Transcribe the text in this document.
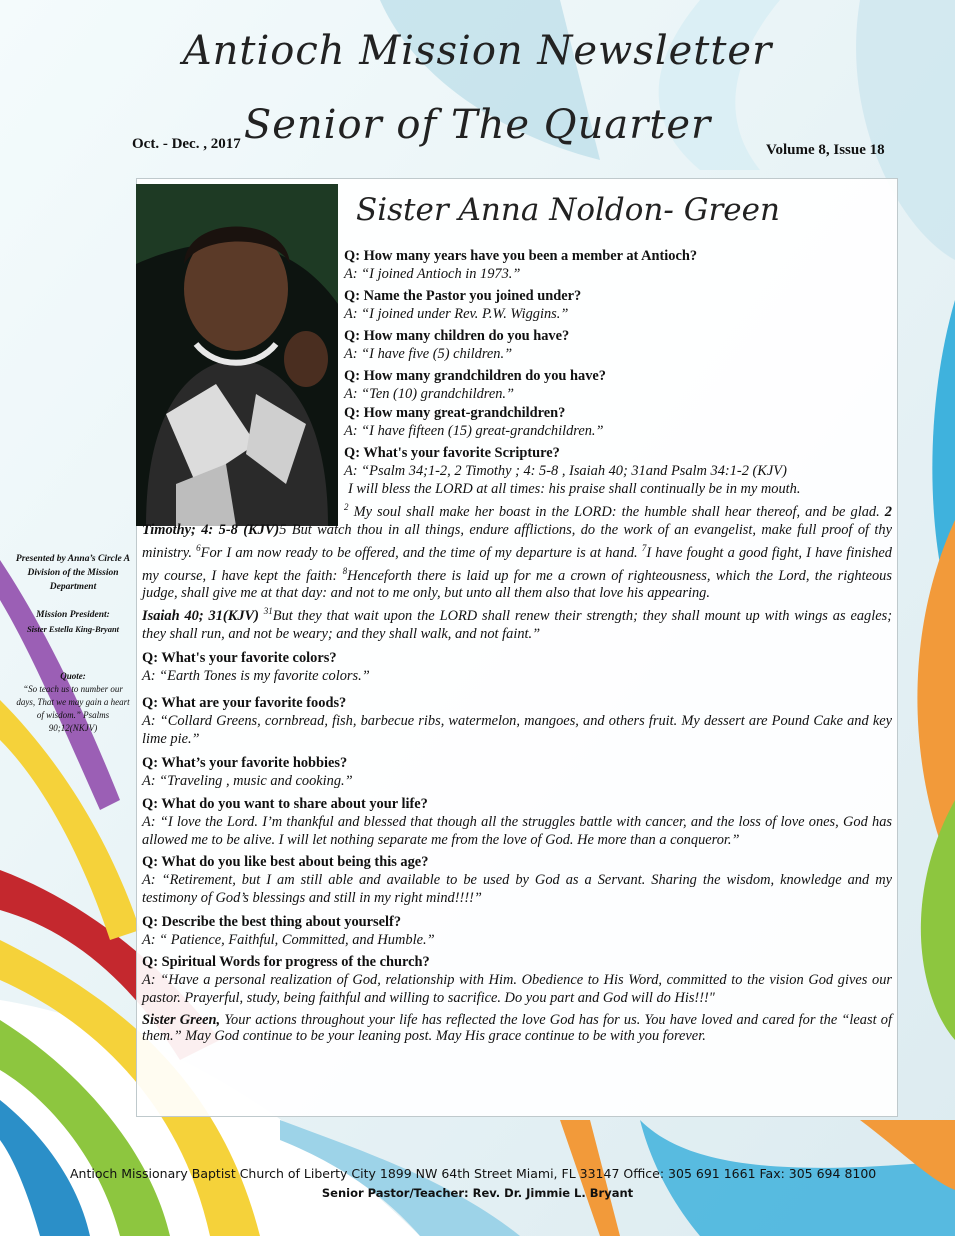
Antioch Mission Newsletter
Senior of The Quarter
Oct. - Dec. , 2017	Volume 8, Issue 18
Presented by Anna’s Circle A Division of the Mission Department
Mission President:
Sister Estella King-Bryant
Quote:
“So teach us to number our days, That we may gain a heart of wisdom.” Psalms 90;12(NKJV)
Sister Anna Noldon- Green
Q: How many years have you been a member at Antioch?
A: “I joined Antioch in 1973.”
Q: Name the Pastor you joined under?
A: “I joined under Rev. P.W. Wiggins.”
Q: How many children do you have?
A: “I have five (5) children.”
Q: How many grandchildren do you have?
A: “Ten (10) grandchildren.”
Q: How many great-grandchildren?
A: “I have fifteen (15) great-grandchildren.”
Q: What's your favorite Scripture?
A: “Psalm 34;1-2, 2 Timothy ; 4: 5-8 , Isaiah 40; 31and Psalm 34:1-2 (KJV)
I will bless the LORD at all times: his praise shall continually be in my mouth.
$^2$ My soul shall make her boast in the LORD: the humble shall hear thereof, and be glad. 2 Timothy; 4: 5-8 (KJV)5 But watch thou in all things, endure afflictions, do the work of an evangelist, make full proof of thy ministry. $^6$For I am now ready to be offered, and the time of my departure is at hand. $^7$I have fought a good fight, I have finished my course, I have kept the faith: $^8$Henceforth there is laid up for me a crown of righteousness, which the Lord, the righteous judge, shall give me at that day: and not to me only, but unto all them also that love his appearing.
Isaiah 40; 31(KJV) $^{31}$But they that wait upon the LORD shall renew their strength; they shall mount up with wings as eagles; they shall run, and not be weary; and they shall walk, and not faint.”
Q: What's your favorite colors?
A: “Earth Tones is my favorite colors.”
Q: What are your favorite foods?
A: “Collard Greens, cornbread, fish, barbecue ribs, watermelon, mangoes, and others fruit. My dessert are Pound Cake and key lime pie.”
Q: What’s your favorite hobbies?
A: “Traveling , music and cooking.”
Q: What do you want to share about your life?
A: “I love the Lord. I’m thankful and blessed that though all the struggles battle with cancer, and the loss of love ones, God has allowed me to be alive. I will let nothing separate me from the love of God. He more than a conqueror.”
Q: What do you like best about being this age?
A: “Retirement, but I am still able and available to be used by God as a Servant. Sharing the wisdom, knowledge and my testimony of God’s blessings and still in my right mind!!!!”
Q: Describe the best thing about yourself?
A: “ Patience, Faithful, Committed, and Humble.”
Q: Spiritual Words for progress of the church?
A: “Have a personal realization of God, relationship with Him. Obedience to His Word, committed to the vision God gives our pastor. Prayerful, study, being faithful and willing to sacrifice. Do you part and God will do His!!!"
Sister Green, Your actions throughout your life has reflected the love God has for us. You have loved and cared for the “least of them.” May God continue to be your leaning post. May His grace continue to be with you forever.
Antioch Missionary Baptist Church of Liberty City 1899 NW 64th Street Miami, FL 33147 Office: 305 691 1661 Fax: 305 694 8100
Senior Pastor/Teacher: Rev. Dr. Jimmie L. Bryant
